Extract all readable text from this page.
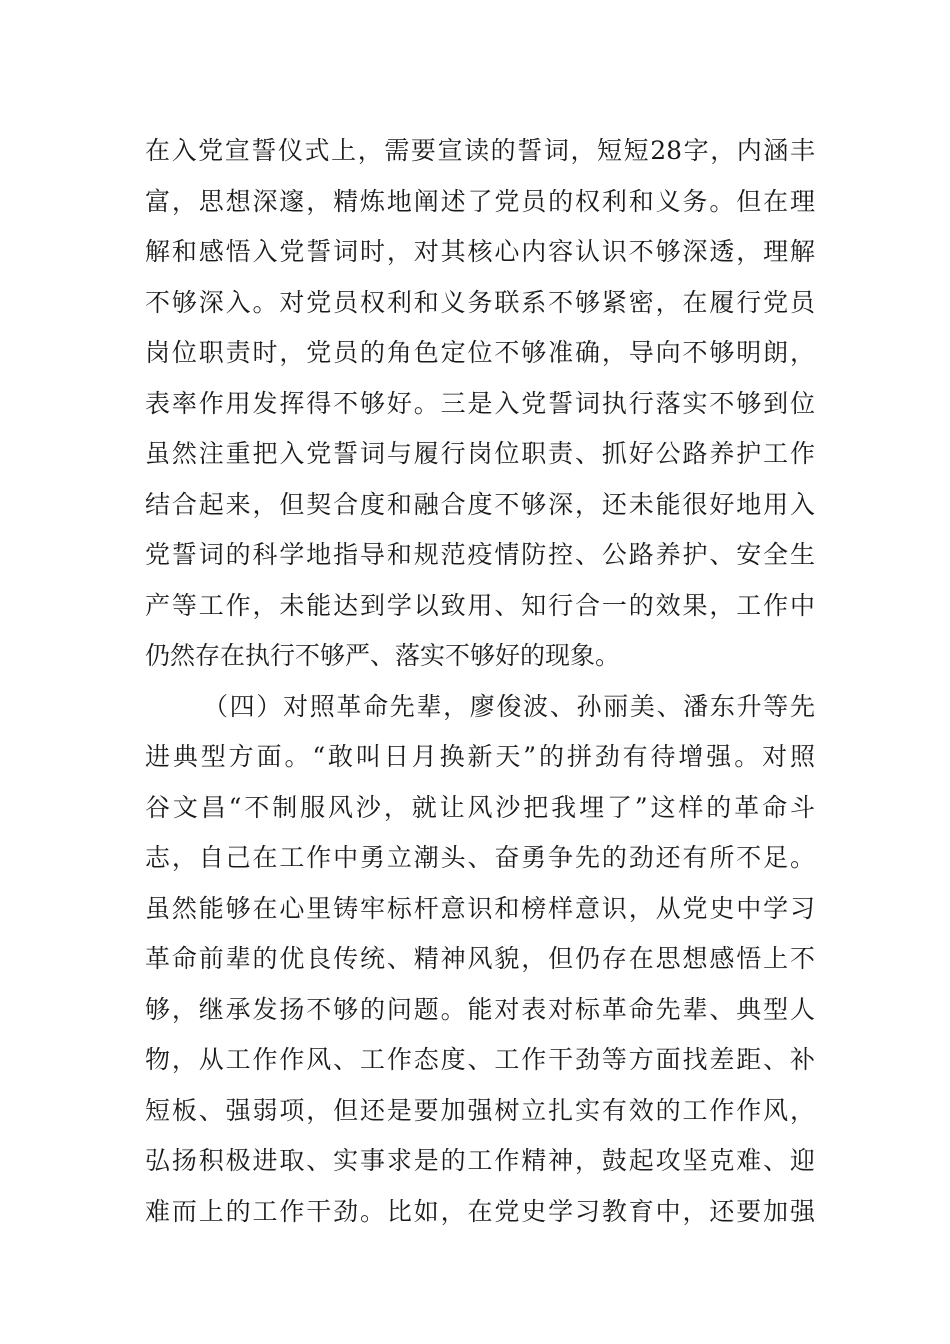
在入党宣誓仪式上，需要宣读的誓词，短短28字，内涵丰
富，思想深邃，精炼地阐述了党员的权利和义务。但在理
解和感悟入党誓词时，对其核心内容认识不够深透，理解
不够深入。对党员权利和义务联系不够紧密，在履行党员
岗位职责时，党员的角色定位不够准确，导向不够明朗，
表率作用发挥得不够好。三是入党誓词执行落实不够到位
虽然注重把入党誓词与履行岗位职责、抓好公路养护工作
结合起来，但契合度和融合度不够深，还未能很好地用入
党誓词的科学地指导和规范疫情防控、公路养护、安全生
产等工作，未能达到学以致用、知行合一的效果，工作中
仍然存在执行不够严、落实不够好的现象。
（四）对照革命先辈，廖俊波、孙丽美、潘东升等先
进典型方面。“敢叫日月换新天”的拼劲有待增强。对照
谷文昌“不制服风沙，就让风沙把我埋了”这样的革命斗
志，自己在工作中勇立潮头、奋勇争先的劲还有所不足。
虽然能够在心里铸牢标杆意识和榜样意识，从党史中学习
革命前辈的优良传统、精神风貌，但仍存在思想感悟上不
够，继承发扬不够的问题。能对表对标革命先辈、典型人
物，从工作作风、工作态度、工作干劲等方面找差距、补
短板、强弱项，但还是要加强树立扎实有效的工作作风，
弘扬积极进取、实事求是的工作精神，鼓起攻坚克难、迎
难而上的工作干劲。比如，在党史学习教育中，还要加强
